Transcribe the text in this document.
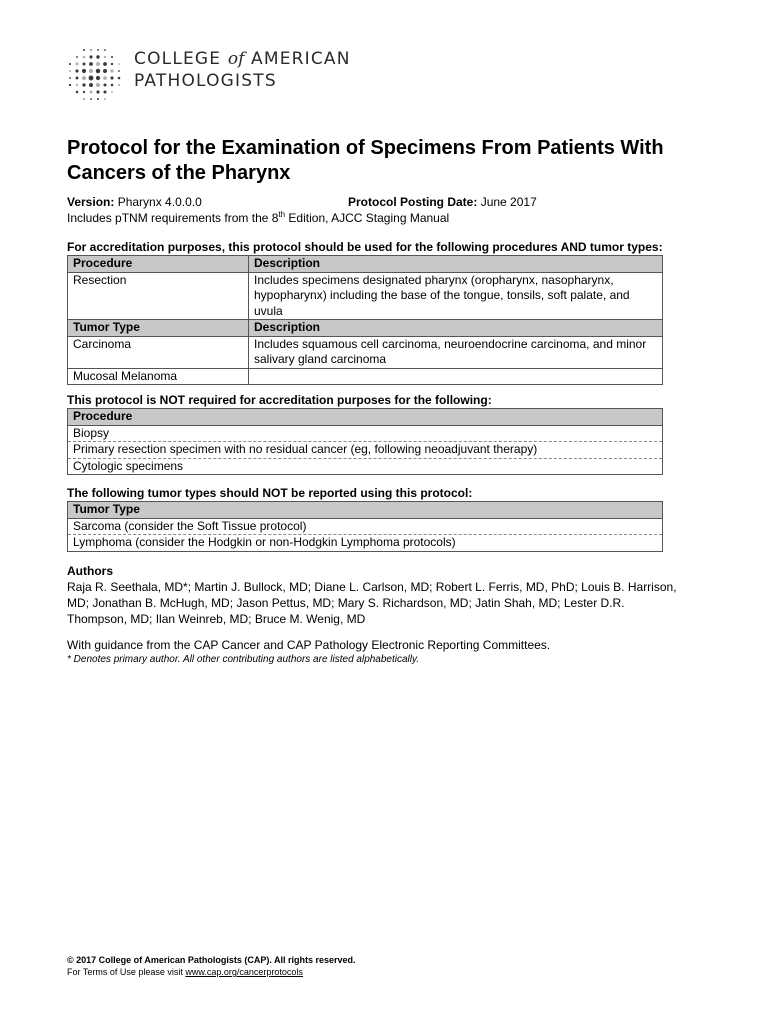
COLLEGE of AMERICAN
PATHOLOGISTS
Protocol for the Examination of Specimens From Patients With Cancers of the Pharynx
Version: Pharynx 4.0.0.0	Protocol Posting Date: June 2017
Includes pTNM requirements from the 8th Edition, AJCC Staging Manual
For accreditation purposes, this protocol should be used for the following procedures AND tumor types:
Procedure	Description
Resection	Includes specimens designated pharynx (oropharynx, nasopharynx, hypopharynx) including the base of the tongue, tonsils, soft palate, and uvula
Tumor Type	Description
Carcinoma	Includes squamous cell carcinoma, neuroendocrine carcinoma, and minor salivary gland carcinoma
Mucosal Melanoma	
This protocol is NOT required for accreditation purposes for the following:
Procedure
Biopsy
Primary resection specimen with no residual cancer (eg, following neoadjuvant therapy)
Cytologic specimens
The following tumor types should NOT be reported using this protocol:
Tumor Type
Sarcoma (consider the Soft Tissue protocol)
Lymphoma (consider the Hodgkin or non-Hodgkin Lymphoma protocols)
Authors
Raja R. Seethala, MD*; Martin J. Bullock, MD; Diane L. Carlson, MD; Robert L. Ferris, MD, PhD; Louis B. Harrison, MD; Jonathan B. McHugh, MD; Jason Pettus, MD; Mary S. Richardson, MD; Jatin Shah, MD; Lester D.R. Thompson, MD; Ilan Weinreb, MD; Bruce M. Wenig, MD
With guidance from the CAP Cancer and CAP Pathology Electronic Reporting Committees.
* Denotes primary author. All other contributing authors are listed alphabetically.
© 2017 College of American Pathologists (CAP). All rights reserved.
For Terms of Use please visit www.cap.org/cancerprotocols
